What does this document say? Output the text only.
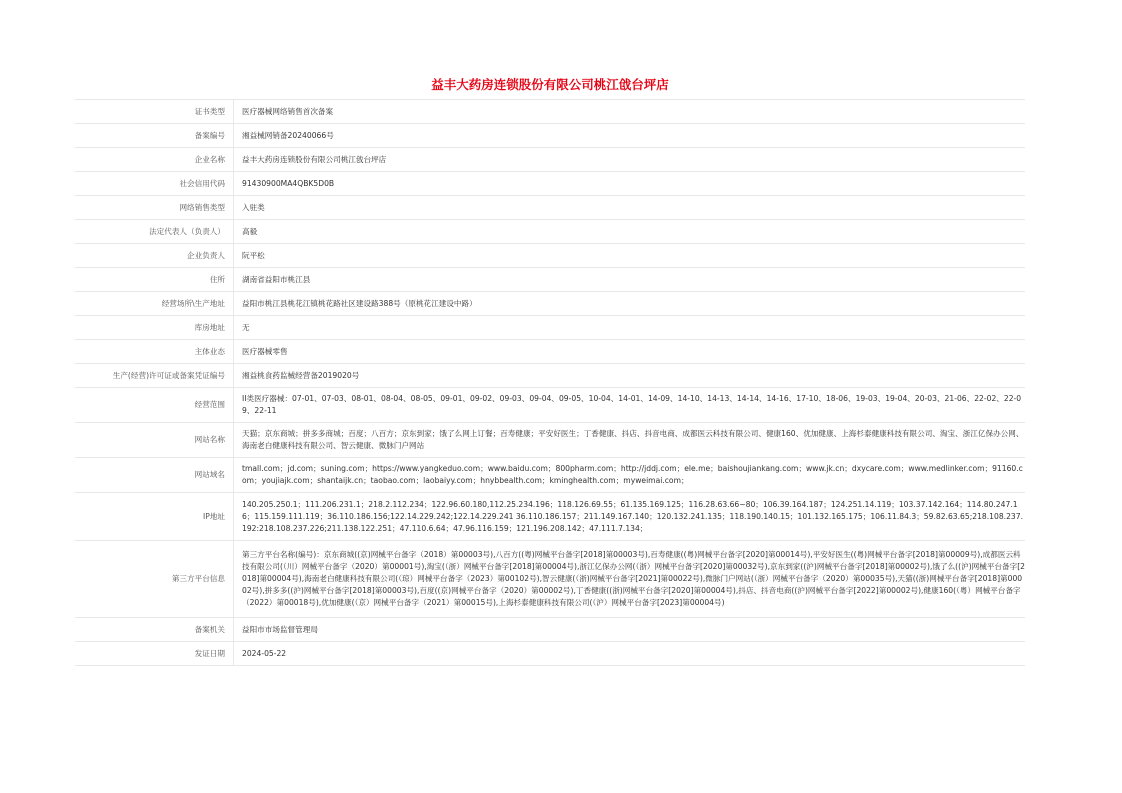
益丰大药房连锁股份有限公司桃江戗台坪店
证书类型	医疗器械网络销售首次备案
备案编号	湘益械网销备20240066号
企业名称	益丰大药房连锁股份有限公司桃江戗台坪店
社会信用代码	91430900MA4QBK5D0B
网络销售类型	入驻类
法定代表人（负责人）	高毅
企业负责人	阮平松
住所	湖南省益阳市桃江县
经营场所\生产地址	益阳市桃江县桃花江镇桃花路社区建设路388号（原桃花江建设中路）
库房地址	无
主体业态	医疗器械零售
生产(经营)许可证或备案凭证编号	湘益桃食药监械经营备2019020号
经营范围	II类医疗器械：07-01、07-03、08-01、08-04、08-05、09-01、09-02、09-03、09-04、09-05、10-04、14-01、14-09、14-10、14-13、14-14、14-16、17-10、18-06、19-03、19-04、20-03、21-06、22-02、22-09、22-11
网站名称	天猫；京东商城；拼多多商城；百度；八百方；京东到家；饿了么网上订餐；百寿健康；平安好医生；丁香健康、抖店、抖音电商、成都医云科技有限公司、健康160、优加健康、上海杉泰健康科技有限公司、淘宝、浙江亿保办公网、海南老白健康科技有限公司、智云健康、微脉门户网站
网站域名	tmall.com；jd.com；suning.com；https://www.yangkeduo.com；www.baidu.com；800pharm.com；http://jddj.com；ele.me；baishoujiankang.com；www.jk.cn；dxycare.com；www.medlinker.com；91160.com；youjiajk.com；shantaijk.cn；taobao.com；laobaiyy.com；hnybbealth.com；kminghealth.com；myweimai.com；
IP地址	140.205.250.1；111.206.231.1；218.2.112.234；122.96.60.180,112.25.234.196；118.126.69.55；61.135.169.125；116.28.63.66~80；106.39.164.187；124.251.14.119；103.37.142.164；114.80.247.16；115.159.111.119；36.110.186.156;122.14.229.242;122.14.229.241 36.110.186.157；211.149.167.140；120.132.241.135；118.190.140.15；101.132.165.175；106.11.84.3；59.82.63.65;218.108.237.192:218.108.237.226;211.138.122.251；47.110.6.64；47.96.116.159；121.196.208.142；47.111.7.134；
第三方平台信息	第三方平台名称(编号)：京东商城((京)网械平台备字（2018）第00003号),八百方((粤)网械平台备字[2018]第00003号),百寿健康((粤)网械平台备字[2020]第00014号),平安好医生((粤)网械平台备字[2018]第00009号),成都医云科技有限公司(（川）网械平台备字（2020）第00001号),淘宝(（浙）网械平台备字[2018]第00004号),浙江亿保办公网(（浙）网械平台备字[2020]第00032号),京东到家((沪)网械平台备字[2018]第00002号),饿了么((沪)网械平台备字[2018]第00004号),海南老白健康科技有限公司(（琼）网械平台备字（2023）第00102号),智云健康(（浙)网械平台备字[2021]第00022号),微脉门户网站(（浙）网械平台备字（2020）第00035号),天猫((浙)网械平台备字[2018]第00002号),拼多多((沪)网械平台备字[2018]第00003号),百度((京)网械平台备字（2020）第00002号),丁香健康((浙)网械平台备字[2020]第00004号),抖店、抖音电商((沪)网械平台备字[2022]第00002号),健康160(（粤）网械平台备字（2022）第00018号),优加健康(（京）网械平台备字（2021）第00015号),上海杉泰健康科技有限公司(（沪）网械平台备字[2023]第00004号)
备案机关	益阳市市场监督管理局
发证日期	2024-05-22
